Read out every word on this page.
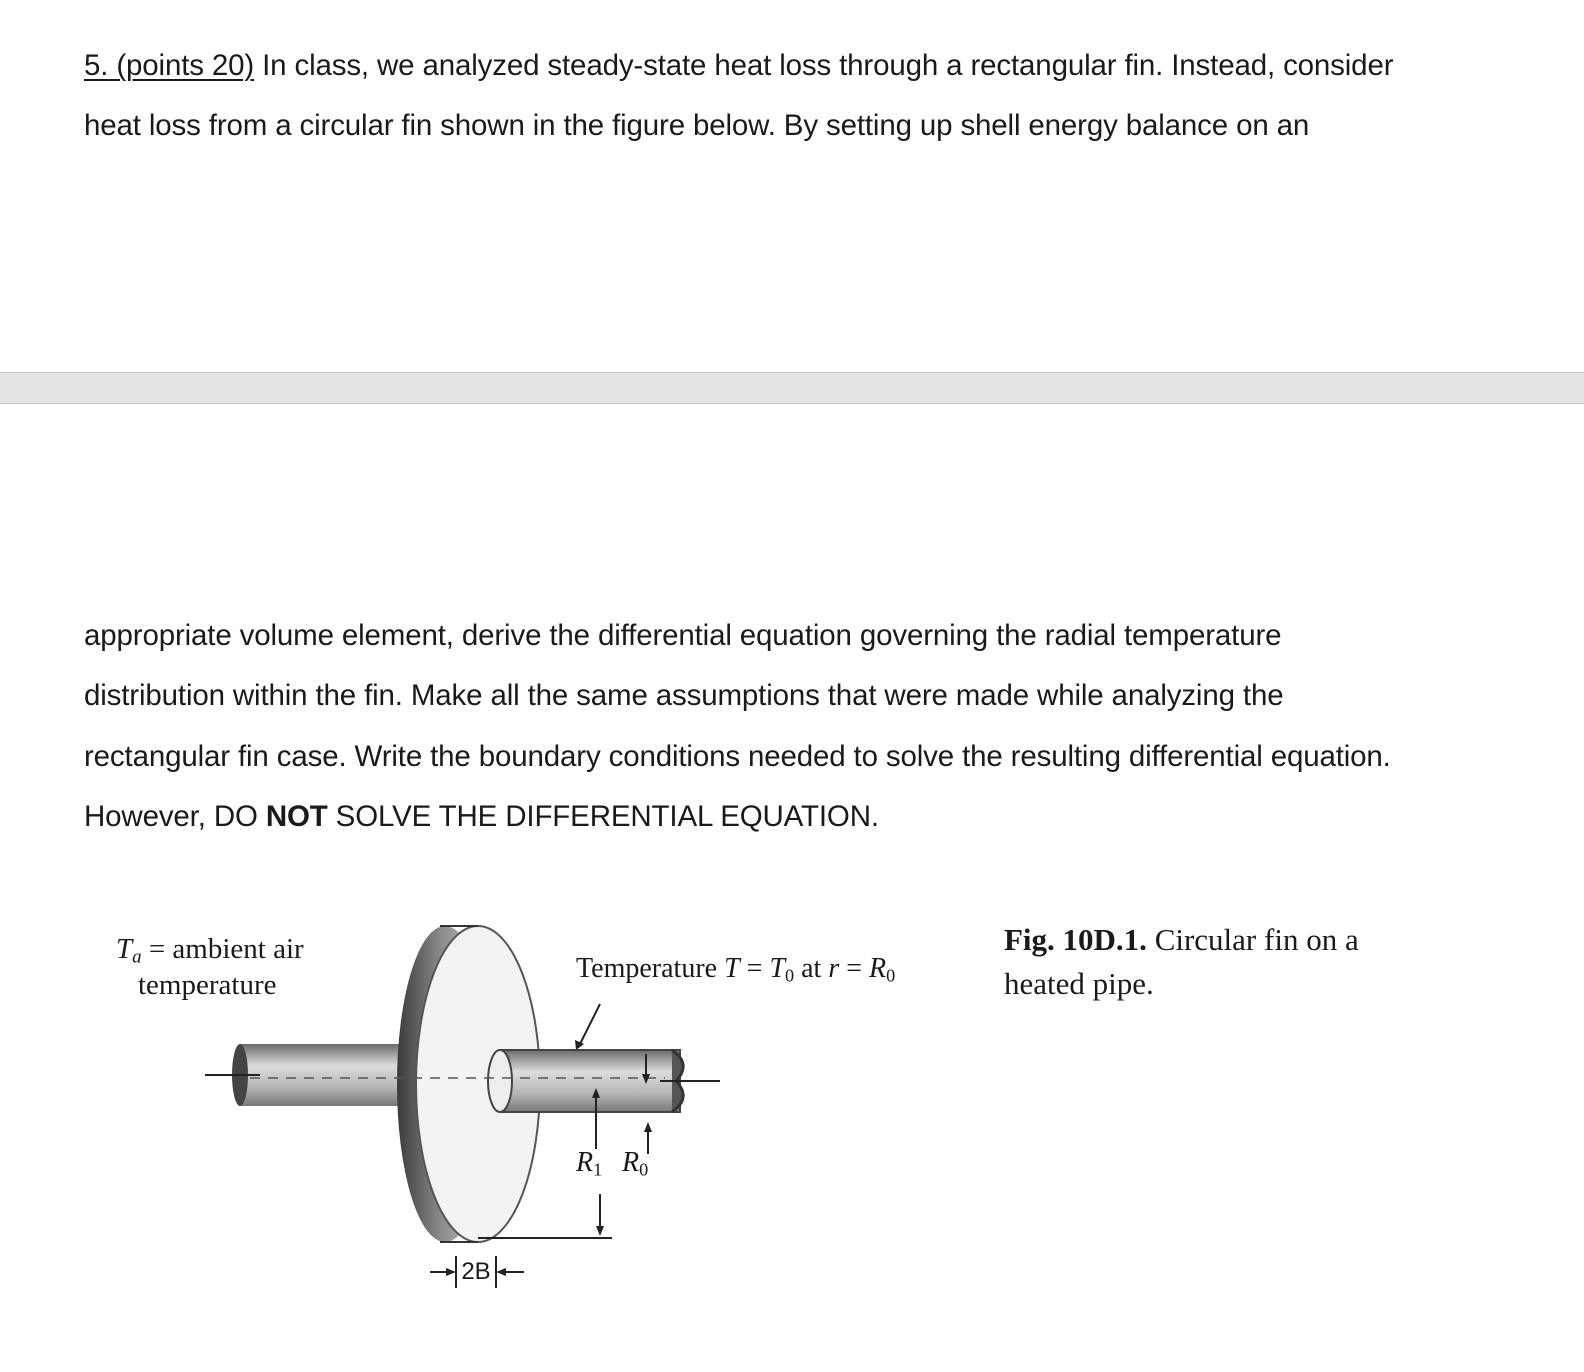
5. (points 20) In class, we analyzed steady-state heat loss through a rectangular fin. Instead, consider
heat loss from a circular fin shown in the figure below. By setting up shell energy balance on an
appropriate volume element, derive the differential equation governing the radial temperature
distribution within the fin. Make all the same assumptions that were made while analyzing the
rectangular fin case. Write the boundary conditions needed to solve the resulting differential equation.
However, DO NOT SOLVE THE DIFFERENTIAL EQUATION.
$T_a$ = ambient air
temperature
Temperature $T = T_0$ at $r = R_0$
$R_1$ $R_0$
2B
Fig. 10D.1. Circular fin on a
heated pipe.
